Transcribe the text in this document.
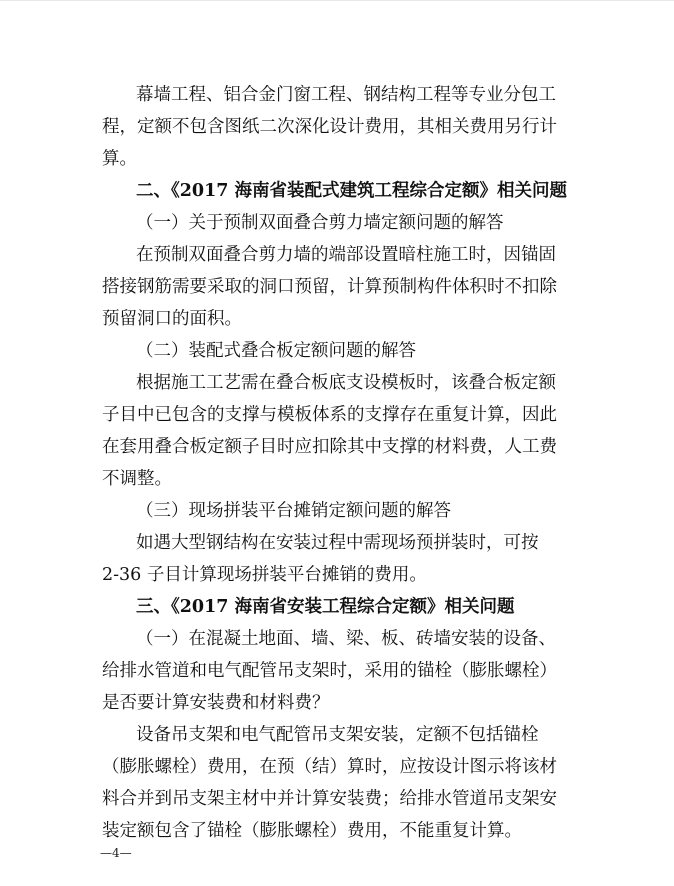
幕墙工程、铝合金门窗工程、钢结构工程等专业分包工

程，定额不包含图纸二次深化设计费用，其相关费用另行计

算。

二、《2017 海南省装配式建筑工程综合定额》相关问题

（一）关于预制双面叠合剪力墙定额问题的解答

在预制双面叠合剪力墙的端部设置暗柱施工时，因锚固

搭接钢筋需要采取的洞口预留，计算预制构件体积时不扣除

预留洞口的面积。

（二）装配式叠合板定额问题的解答

根据施工工艺需在叠合板底支设模板时，该叠合板定额

子目中已包含的支撑与模板体系的支撑存在重复计算，因此

在套用叠合板定额子目时应扣除其中支撑的材料费，人工费

不调整。

（三）现场拼装平台摊销定额问题的解答

如遇大型钢结构在安装过程中需现场预拼装时，可按

2-36 子目计算现场拼装平台摊销的费用。

三、《2017 海南省安装工程综合定额》相关问题

（一）在混凝土地面、墙、梁、板、砖墙安装的设备、

给排水管道和电气配管吊支架时，采用的锚栓（膨胀螺栓）

是否要计算安装费和材料费？

设备吊支架和电气配管吊支架安装，定额不包括锚栓

（膨胀螺栓）费用，在预（结）算时，应按设计图示将该材

料合并到吊支架主材中并计算安装费；给排水管道吊支架安

装定额包含了锚栓（膨胀螺栓）费用，不能重复计算。

—4—
